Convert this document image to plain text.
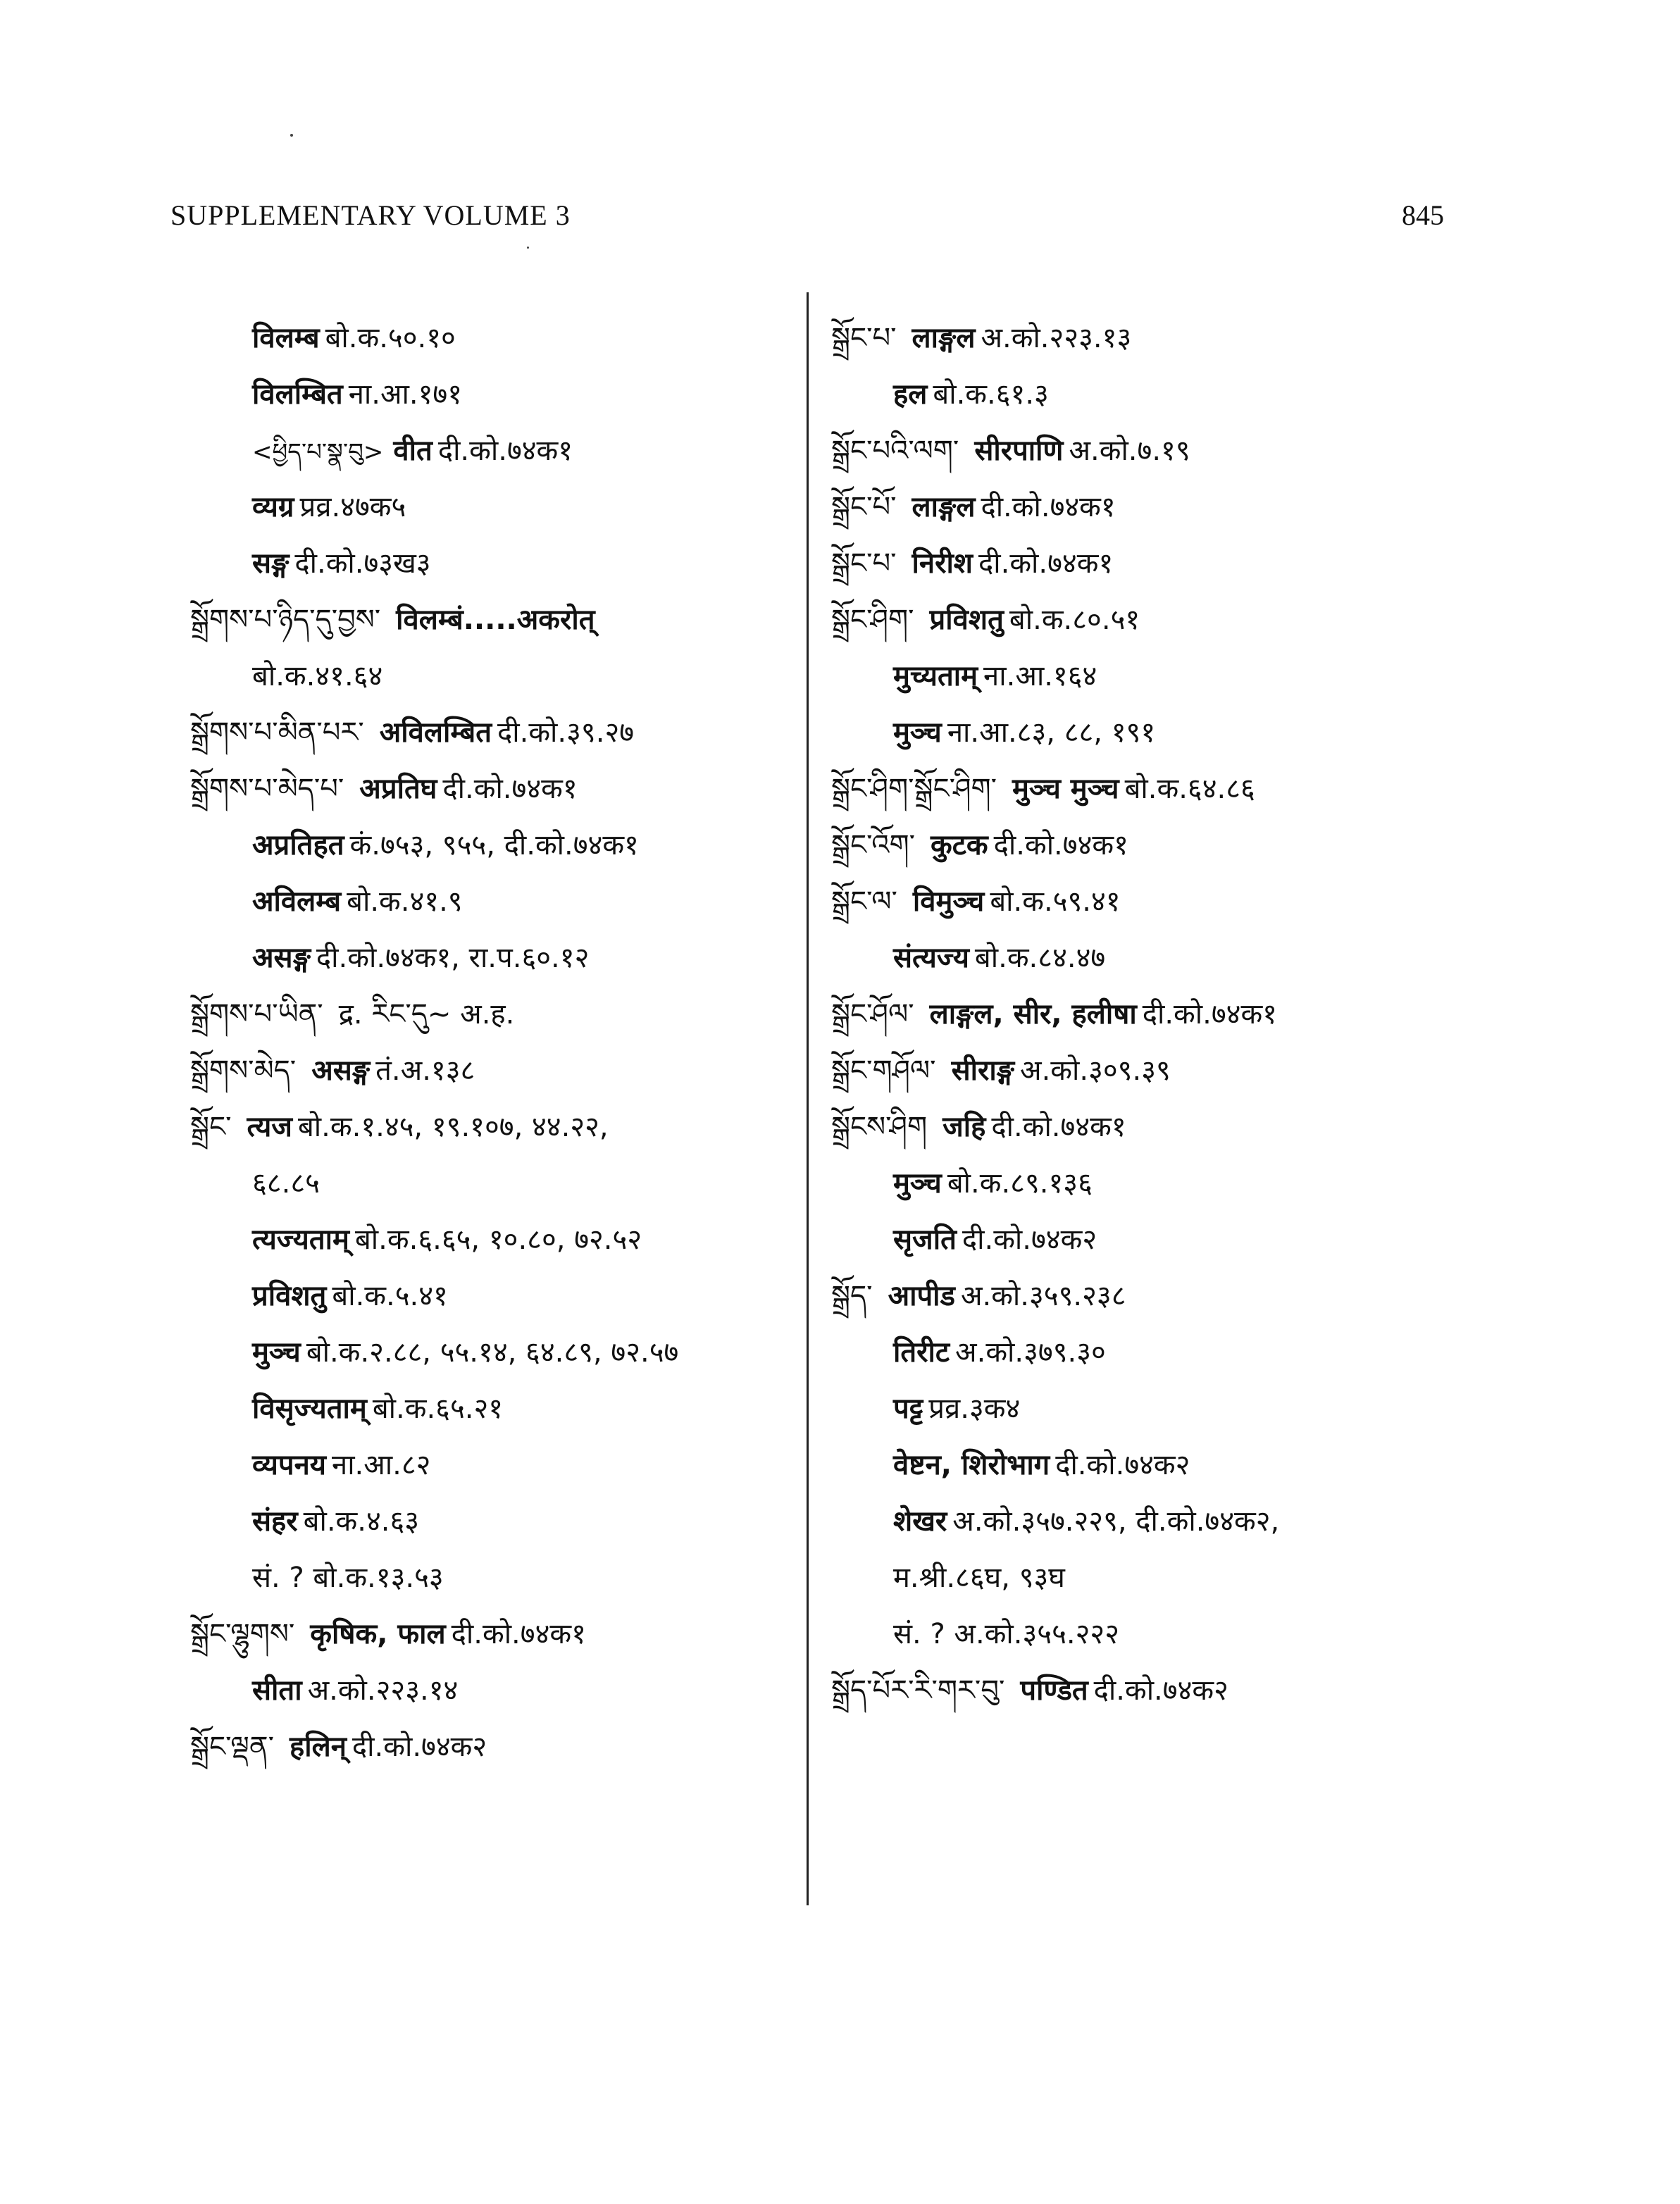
SUPPLEMENTARY VOLUME 3	845
विलम्ब बो.क.५०.१०
विलम्बित ना.आ.१७१
<ཕྱིད་པ་སྣ་བུ> वीत दी.को.७४क१
व्यग्र प्रव्र.४७क५
सङ्ग दी.को.७३ख३
སྒྲོགས་པ་ཉིད་དུ་བྱས་ विलम्बं.....अकरोत्
बो.क.४१.६४
སྒྲོགས་པ་མིན་པར་ अविलम्बित दी.को.३९.२७
སྒྲོགས་པ་མེད་པ་ अप्रतिघ दी.को.७४क१
अप्रतिहत कं.७५३, ९५५, दी.को.७४क१
अविलम्ब बो.क.४१.९
असङ्ग दी.को.७४क१, रा.प.६०.१२
སྒྲོགས་པ་ཡིན་ द्र. རིང་དུ~ अ.ह.
སྒྲོགས་མེད་ असङ्ग तं.अ.१३८
སྒྲོང་ त्यज बो.क.१.४५, १९.१०७, ४४.२२,
६८.८५
त्यज्यताम् बो.क.६.६५, १०.८०, ७२.५२
प्रविशतु बो.क.५.४१
मुञ्च बो.क.२.८८, ५५.१४, ६४.८९, ७२.५७
विसृज्यताम् बो.क.६५.२१
व्यपनय ना.आ.८२
संहर बो.क.४.६३
सं. ? बो.क.१३.५३
སྒྲོང་ལྷུགས་ कृषिक, फाल दी.को.७४क१
सीता अ.को.२२३.१४
སྒྲོང་ལྡན་ हलिन् दी.को.७४क२
སྒྲོང་པ་ लाङ्गल अ.को.२२३.१३
हल बो.क.६१.३
སྒྲོང་པའི་ལག་ सीरपाणि अ.को.७.१९
སྒྲོང་པོ་ लाङ्गल दी.को.७४क१
སྒྲོང་པ་ निरीश दी.को.७४क१
སྒྲོང་ཤིག་ प्रविशतु बो.क.८०.५१
मुच्यताम् ना.आ.१६४
मुञ्च ना.आ.८३, ८८, १९१
སྒྲོང་ཤིག་སྒྲོང་ཤིག་ मुञ्च मुञ्च बो.क.६४.८६
སྒྲོང་འོག་ कुटक दी.को.७४क१
སྒྲོང་ལ་ विमुञ्च बो.क.५९.४१
संत्यज्य बो.क.८४.४७
སྒྲོང་ཤོལ་ लाङ्गल, सीर, हलीषा दी.को.७४क१
སྒྲོང་གཤོལ་ सीराङ्ग अ.को.३०९.३९
སྒྲོངས་ཤིག जहि दी.को.७४क१
मुञ्च बो.क.८९.१३६
सृजति दी.को.७४क२
སྒྲོད་ आपीड अ.को.३५९.२३८
तिरीट अ.को.३७९.३०
पट्ट प्रव्र.३क४
वेष्टन, शिरोभाग दी.को.७४क२
शेखर अ.को.३५७.२२९, दी.को.७४क२,
म.श्री.८६घ, ९३घ
सं. ? अ.को.३५५.२२२
སྒྲོད་པོར་རི་གར་བུ་ पण्डित दी.को.७४क२
